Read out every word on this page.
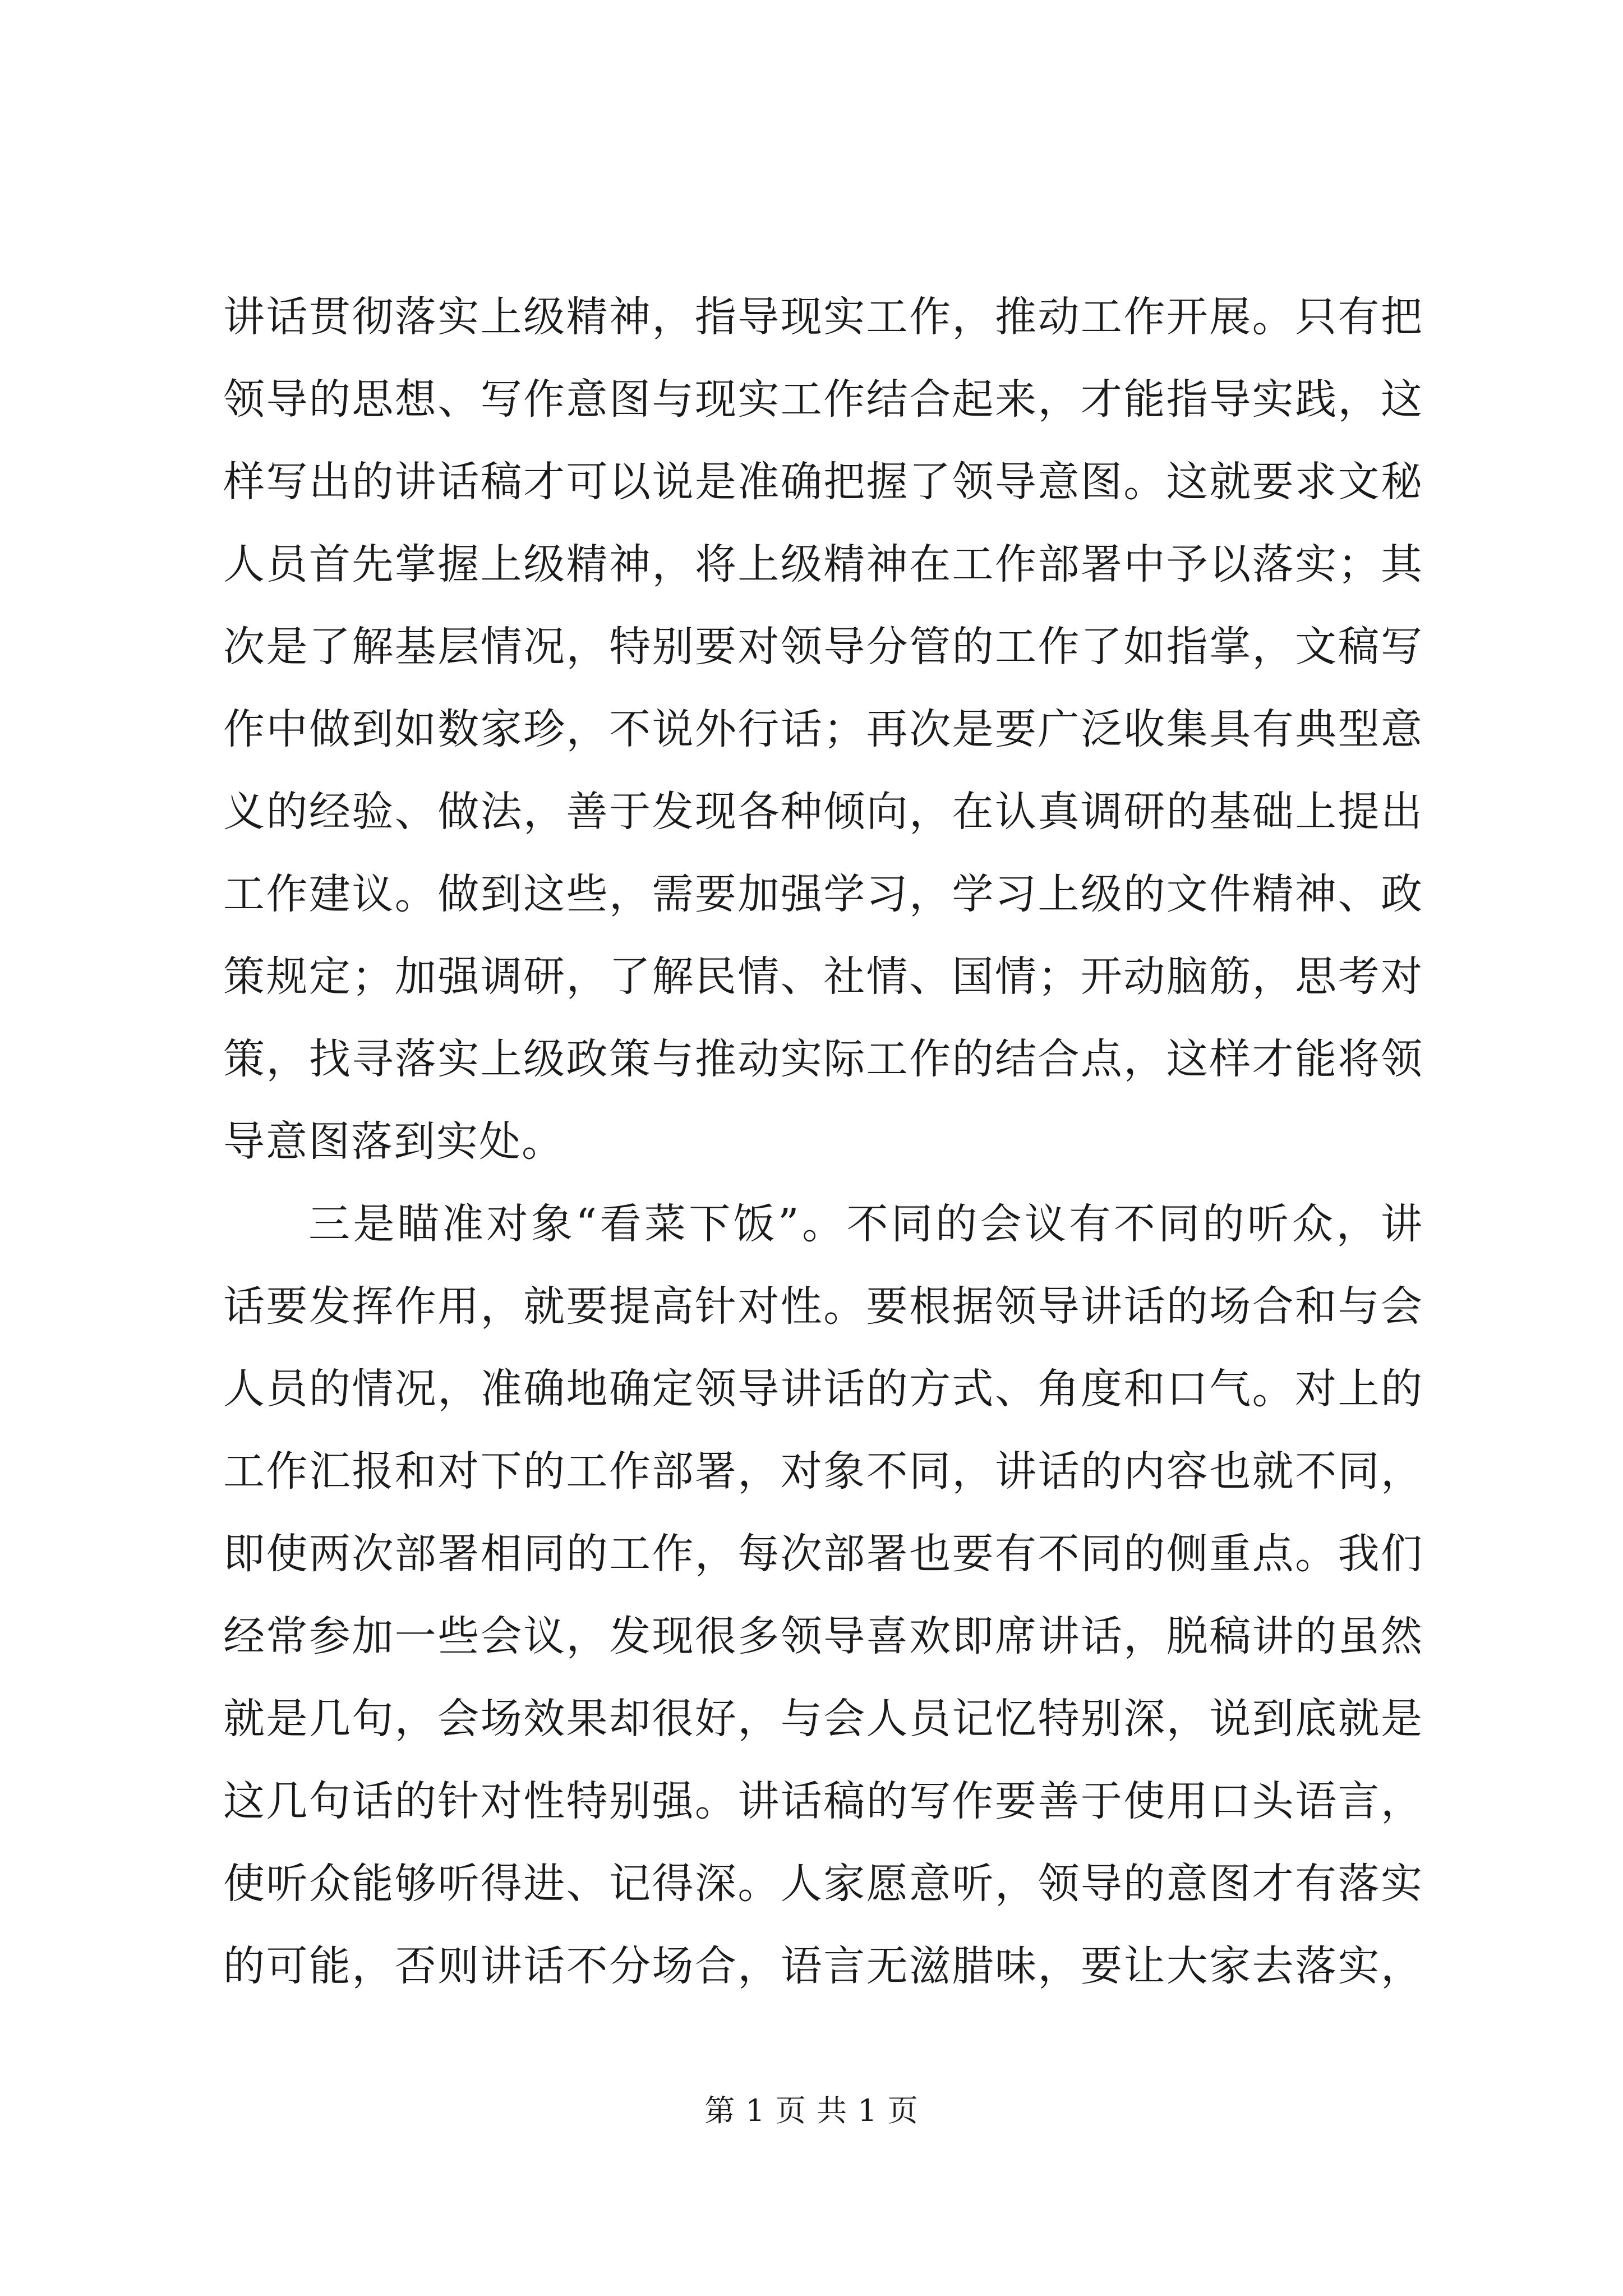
讲话贯彻落实上级精神，指导现实工作，推动工作开展。只有把
领导的思想、写作意图与现实工作结合起来，才能指导实践，这
样写出的讲话稿才可以说是准确把握了领导意图。这就要求文秘
人员首先掌握上级精神，将上级精神在工作部署中予以落实；其
次是了解基层情况，特别要对领导分管的工作了如指掌，文稿写
作中做到如数家珍，不说外行话；再次是要广泛收集具有典型意
义的经验、做法，善于发现各种倾向，在认真调研的基础上提出
工作建议。做到这些，需要加强学习，学习上级的文件精神、政
策规定；加强调研，了解民情、社情、国情；开动脑筋，思考对
策，找寻落实上级政策与推动实际工作的结合点，这样才能将领
导意图落到实处。
三是瞄准对象“看菜下饭”。不同的会议有不同的听众，讲
话要发挥作用，就要提高针对性。要根据领导讲话的场合和与会
人员的情况，准确地确定领导讲话的方式、角度和口气。对上的
工作汇报和对下的工作部署，对象不同，讲话的内容也就不同，
即使两次部署相同的工作，每次部署也要有不同的侧重点。我们
经常参加一些会议，发现很多领导喜欢即席讲话，脱稿讲的虽然
就是几句，会场效果却很好，与会人员记忆特别深，说到底就是
这几句话的针对性特别强。讲话稿的写作要善于使用口头语言，
使听众能够听得进、记得深。人家愿意听，领导的意图才有落实
的可能，否则讲话不分场合，语言无滋腊味，要让大家去落实，
第 1 页 共 1 页
